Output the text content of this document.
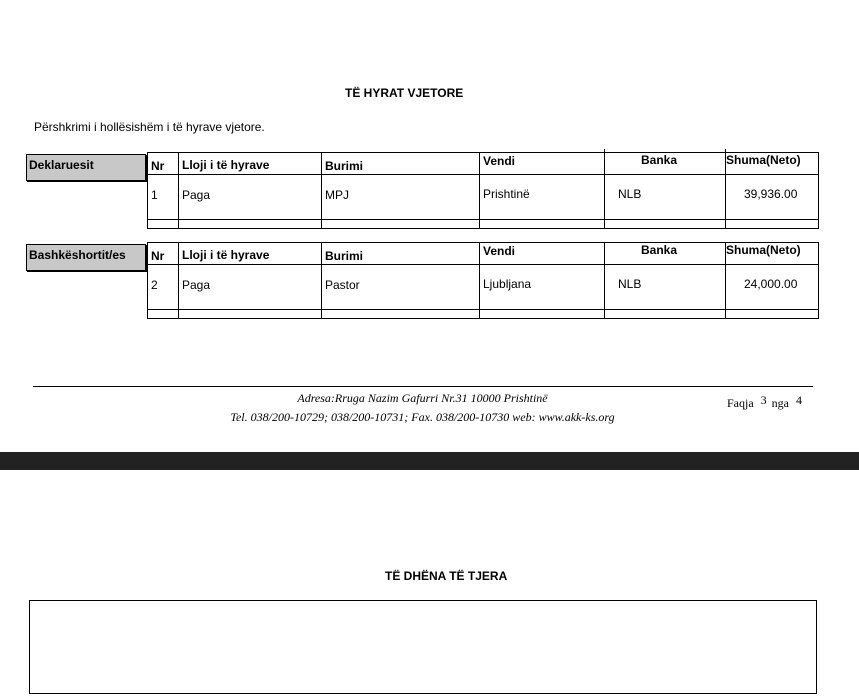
TË HYRAT VJETORE
Përshkrimi i hollësishëm i të hyrave vjetore.
Deklaruesit	Nr Lloji i të hyrave	Burimi	Vendi	Banka	Shuma(Neto)
1 Paga	MPJ	Prishtinë	NLB	39,936.00
Bashkëshortit/es	Nr Lloji i të hyrave	Burimi	Vendi	Banka	Shuma(Neto)
2 Paga	Pastor	Ljubljana	NLB	24,000.00
Adresa:Rruga Nazim Gafurri Nr.31 10000 Prishtinë
Tel. 038/200-10729; 038/200-10731; Fax. 038/200-10730 web: www.akk-ks.org
Faqja 3 nga 4
TË DHËNA TË TJERA
